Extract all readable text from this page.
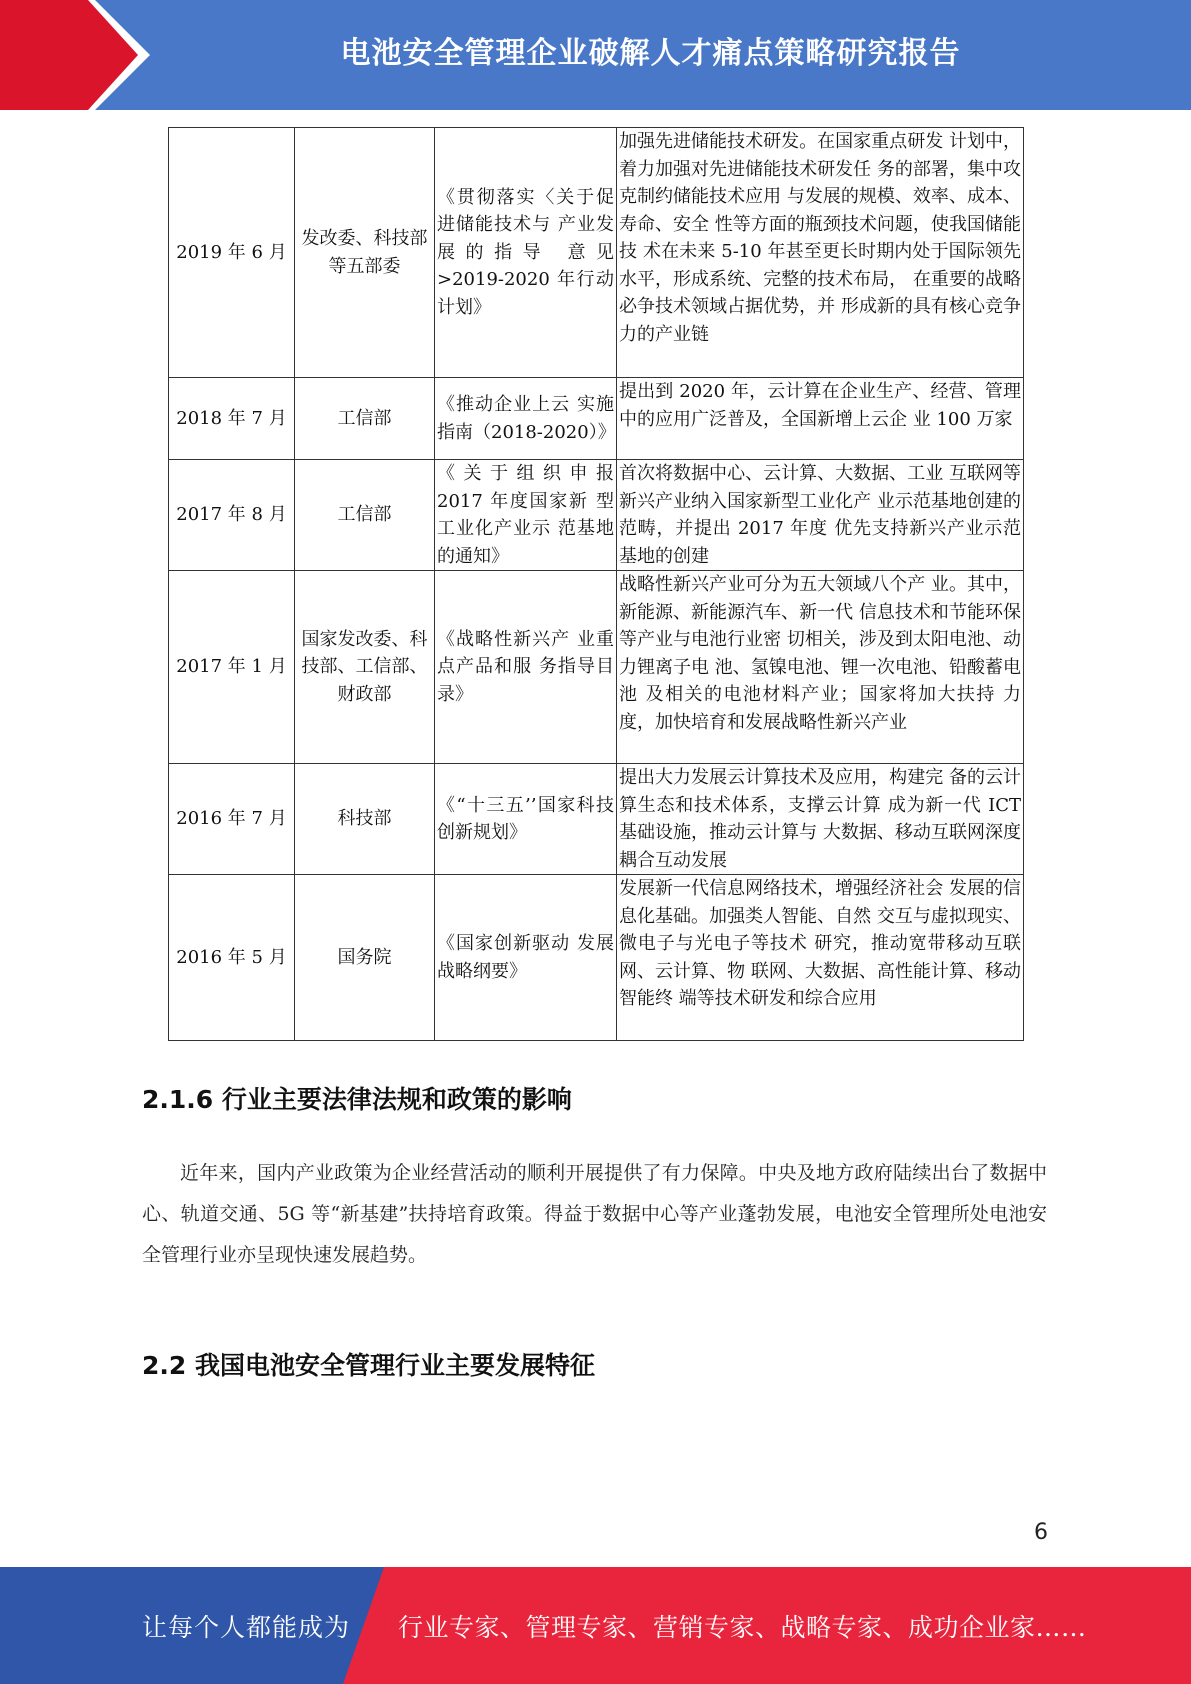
电池安全管理企业破解人才痛点策略研究报告
2019 年 6 月	发改委、科技部等五部委	《贯彻落实〈关于促进储能技术与 产业发展的指导 意见 >2019-2020 年行动计划》	加强先进储能技术研发。在国家重点研发 计划中，着力加强对先进储能技术研发任 务的部署，集中攻克制约储能技术应用 与发展的规模、效率、成本、寿命、安全 性等方面的瓶颈技术问题，使我国储能技 术在未来 5-10 年甚至更长时期内处于国际领先水平，形成系统、完整的技术布局， 在重要的战略必争技术领域占据优势，并 形成新的具有核心竞争力的产业链
2018 年 7 月	工信部	《推动企业上云 实施指南（2018-2020）》	提出到 2020 年，云计算在企业生产、经营、管理中的应用广泛普及，全国新增上云企 业 100 万家
2017 年 8 月	工信部	《关于组织申报 2017 年度国家新 型工业化产业示 范基地的通知》	首次将数据中心、云计算、大数据、工业 互联网等新兴产业纳入国家新型工业化产 业示范基地创建的范畴，并提出 2017 年度 优先支持新兴产业示范基地的创建
2017 年 1 月	国家发改委、科技部、工信部、财政部	《战略性新兴产 业重点产品和服 务指导目录》	战略性新兴产业可分为五大领域八个产 业。其中，新能源、新能源汽车、新一代 信息技术和节能环保等产业与电池行业密 切相关，涉及到太阳电池、动力锂离子电 池、氢镍电池、锂一次电池、铅酸蓄电池 及相关的电池材料产业；国家将加大扶持 力度，加快培育和发展战略性新兴产业
2016 年 7 月	科技部	《“十三五’’国家科技创新规划》	提出大力发展云计算技术及应用，构建完 备的云计算生态和技术体系，支撑云计算 成为新一代 ICT 基础设施，推动云计算与 大数据、移动互联网深度耦合互动发展
2016 年 5 月	国务院	《国家创新驱动 发展战略纲要》	发展新一代信息网络技术，增强经济社会 发展的信息化基础。加强类人智能、自然 交互与虚拟现实、微电子与光电子等技术 研究，推动宽带移动互联网、云计算、物 联网、大数据、高性能计算、移动智能终 端等技术研发和综合应用
2.1.6 行业主要法律法规和政策的影响

近年来，国内产业政策为企业经营活动的顺利开展提供了有力保障。中央及地方政府陆续出台了数据中心、轨道交通、5G 等“新基建”扶持培育政策。得益于数据中心等产业蓬勃发展，电池安全管理所处电池安全管理行业亦呈现快速发展趋势。

2.2 我国电池安全管理行业主要发展特征
6
让每个人都能成为 行业专家、管理专家、营销专家、战略专家、成功企业家……
